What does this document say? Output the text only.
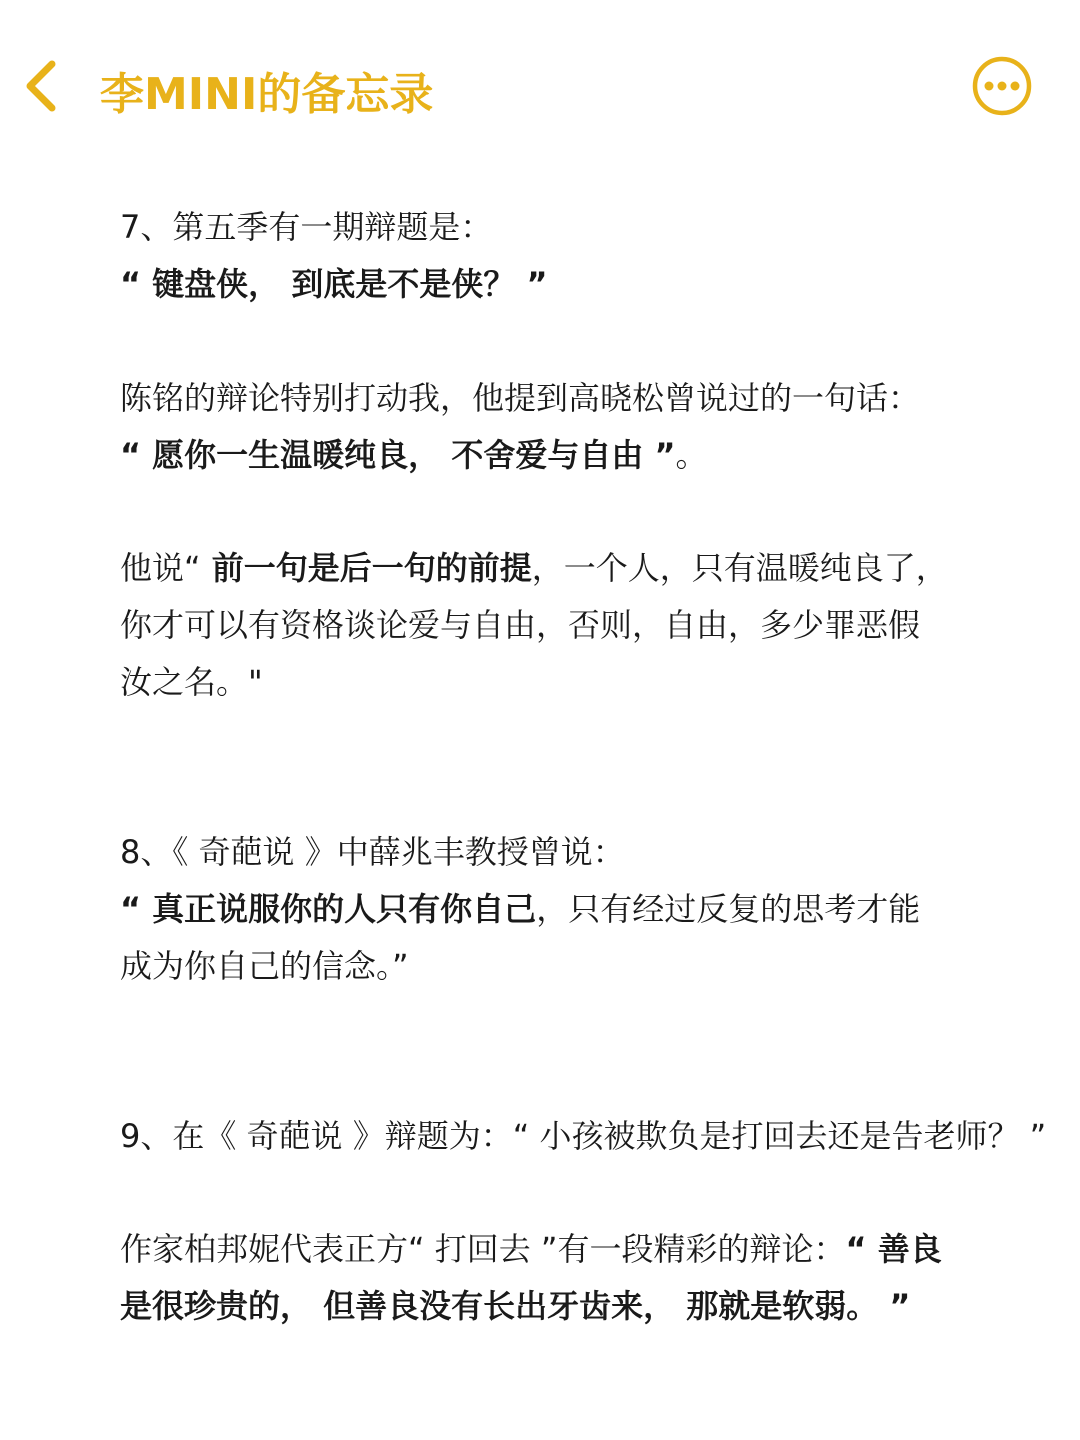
李MINI的备忘录
7、第五季有一期辩题是：
“ 键盘侠， 到底是不是侠？ ”
陈铭的辩论特别打动我，他提到高晓松曾说过的一句话：
“ 愿你一生温暖纯良， 不舍爱与自由 ”。
他说“ 前一句是后一句的前提，一个人，只有温暖纯良了，
你才可以有资格谈论爱与自由，否则，自由，多少罪恶假
汝之名。"
8、《 奇葩说 》中薛兆丰教授曾说：
“ 真正说服你的人只有你自己，只有经过反复的思考才能
成为你自己的信念。”
9、在《 奇葩说 》辩题为：“ 小孩被欺负是打回去还是告老师？ ”
作家柏邦妮代表正方“ 打回去 ”有一段精彩的辩论：“ 善良
是很珍贵的， 但善良没有长出牙齿来， 那就是软弱。 ”
